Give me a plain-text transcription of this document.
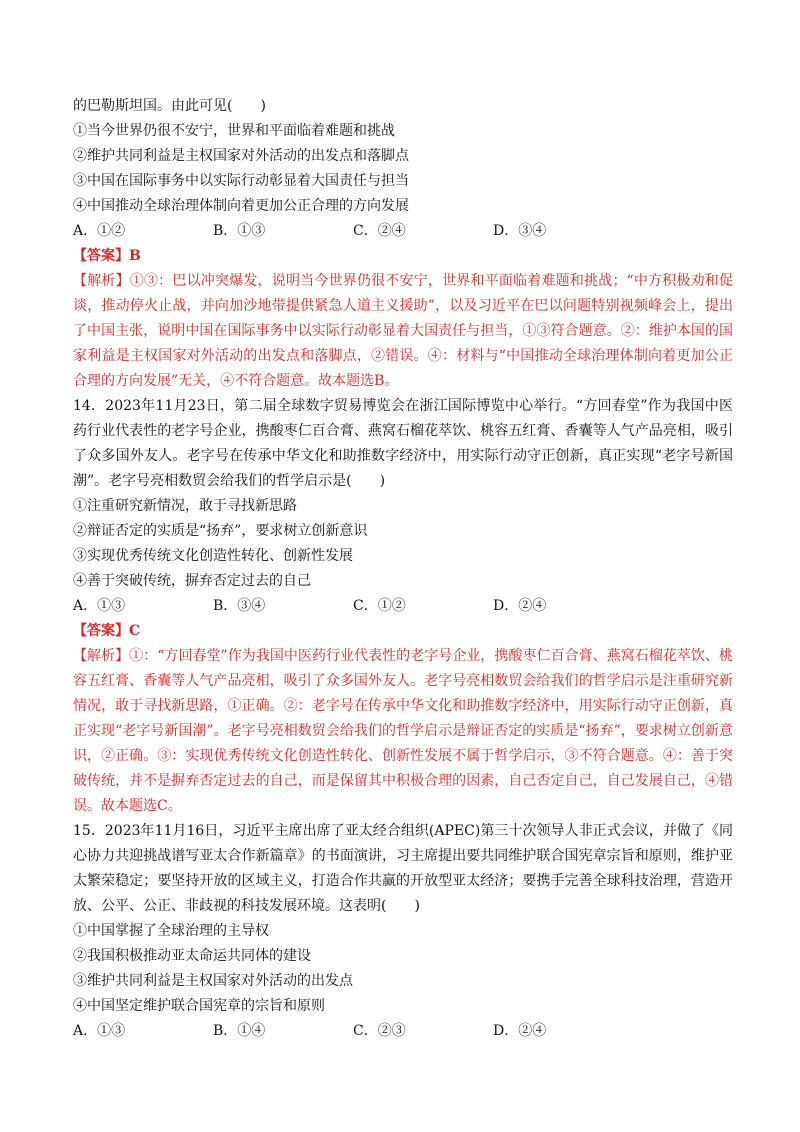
的巴勒斯坦国。由此可见(　　)
①当今世界仍很不安宁，世界和平面临着难题和挑战
②维护共同利益是主权国家对外活动的出发点和落脚点
③中国在国际事务中以实际行动彰显着大国责任与担当
④中国推动全球治理体制向着更加公正合理的方向发展
A．①②	B．①③	C．②④	D．③④
【答案】B
【解析】①③：巴以冲突爆发，说明当今世界仍很不安宁，世界和平面临着难题和挑战；“中方积极劝和促谈，推动停火止战，并向加沙地带提供紧急人道主义援助”，以及习近平在巴以问题特别视频峰会上，提出了中国主张，说明中国在国际事务中以实际行动彰显着大国责任与担当，①③符合题意。②：维护本国的国家利益是主权国家对外活动的出发点和落脚点，②错误。④：材料与“中国推动全球治理体制向着更加公正合理的方向发展”无关，④不符合题意。故本题选B。
14．2023年11月23日，第二届全球数字贸易博览会在浙江国际博览中心举行。“方回春堂”作为我国中医药行业代表性的老字号企业，携酸枣仁百合膏、燕窝石榴花萃饮、桃容五红膏、香囊等人气产品亮相，吸引了众多国外友人。老字号在传承中华文化和助推数字经济中，用实际行动守正创新，真正实现“老字号新国潮”。老字号亮相数贸会给我们的哲学启示是(　　)
①注重研究新情况，敢于寻找新思路
②辩证否定的实质是“扬弃”，要求树立创新意识
③实现优秀传统文化创造性转化、创新性发展
④善于突破传统，摒弃否定过去的自己
A．①③	B．③④	C．①②	D．②④
【答案】C
【解析】①：“方回春堂”作为我国中医药行业代表性的老字号企业，携酸枣仁百合膏、燕窝石榴花萃饮、桃容五红膏、香囊等人气产品亮相，吸引了众多国外友人。老字号亮相数贸会给我们的哲学启示是注重研究新情况，敢于寻找新思路，①正确。②：老字号在传承中华文化和助推数字经济中，用实际行动守正创新，真正实现“老字号新国潮”。老字号亮相数贸会给我们的哲学启示是辩证否定的实质是“扬弃”，要求树立创新意识，②正确。③：实现优秀传统文化创造性转化、创新性发展不属于哲学启示，③不符合题意。④：善于突破传统，并不是摒弃否定过去的自己，而是保留其中积极合理的因素，自己否定自己，自己发展自己，④错误。故本题选C。
15．2023年11月16日，习近平主席出席了亚太经合组织(APEC)第三十次领导人非正式会议，并做了《同心协力共迎挑战谱写亚太合作新篇章》的书面演讲，习主席提出要共同维护联合国宪章宗旨和原则，维护亚太繁荣稳定；要坚持开放的区域主义，打造合作共赢的开放型亚太经济；要携手完善全球科技治理，营造开放、公平、公正、非歧视的科技发展环境。这表明(　　)
①中国掌握了全球治理的主导权
②我国积极推动亚太命运共同体的建设
③维护共同利益是主权国家对外活动的出发点
④中国坚定维护联合国宪章的宗旨和原则
A．①③	B．①④	C．②③	D．②④
